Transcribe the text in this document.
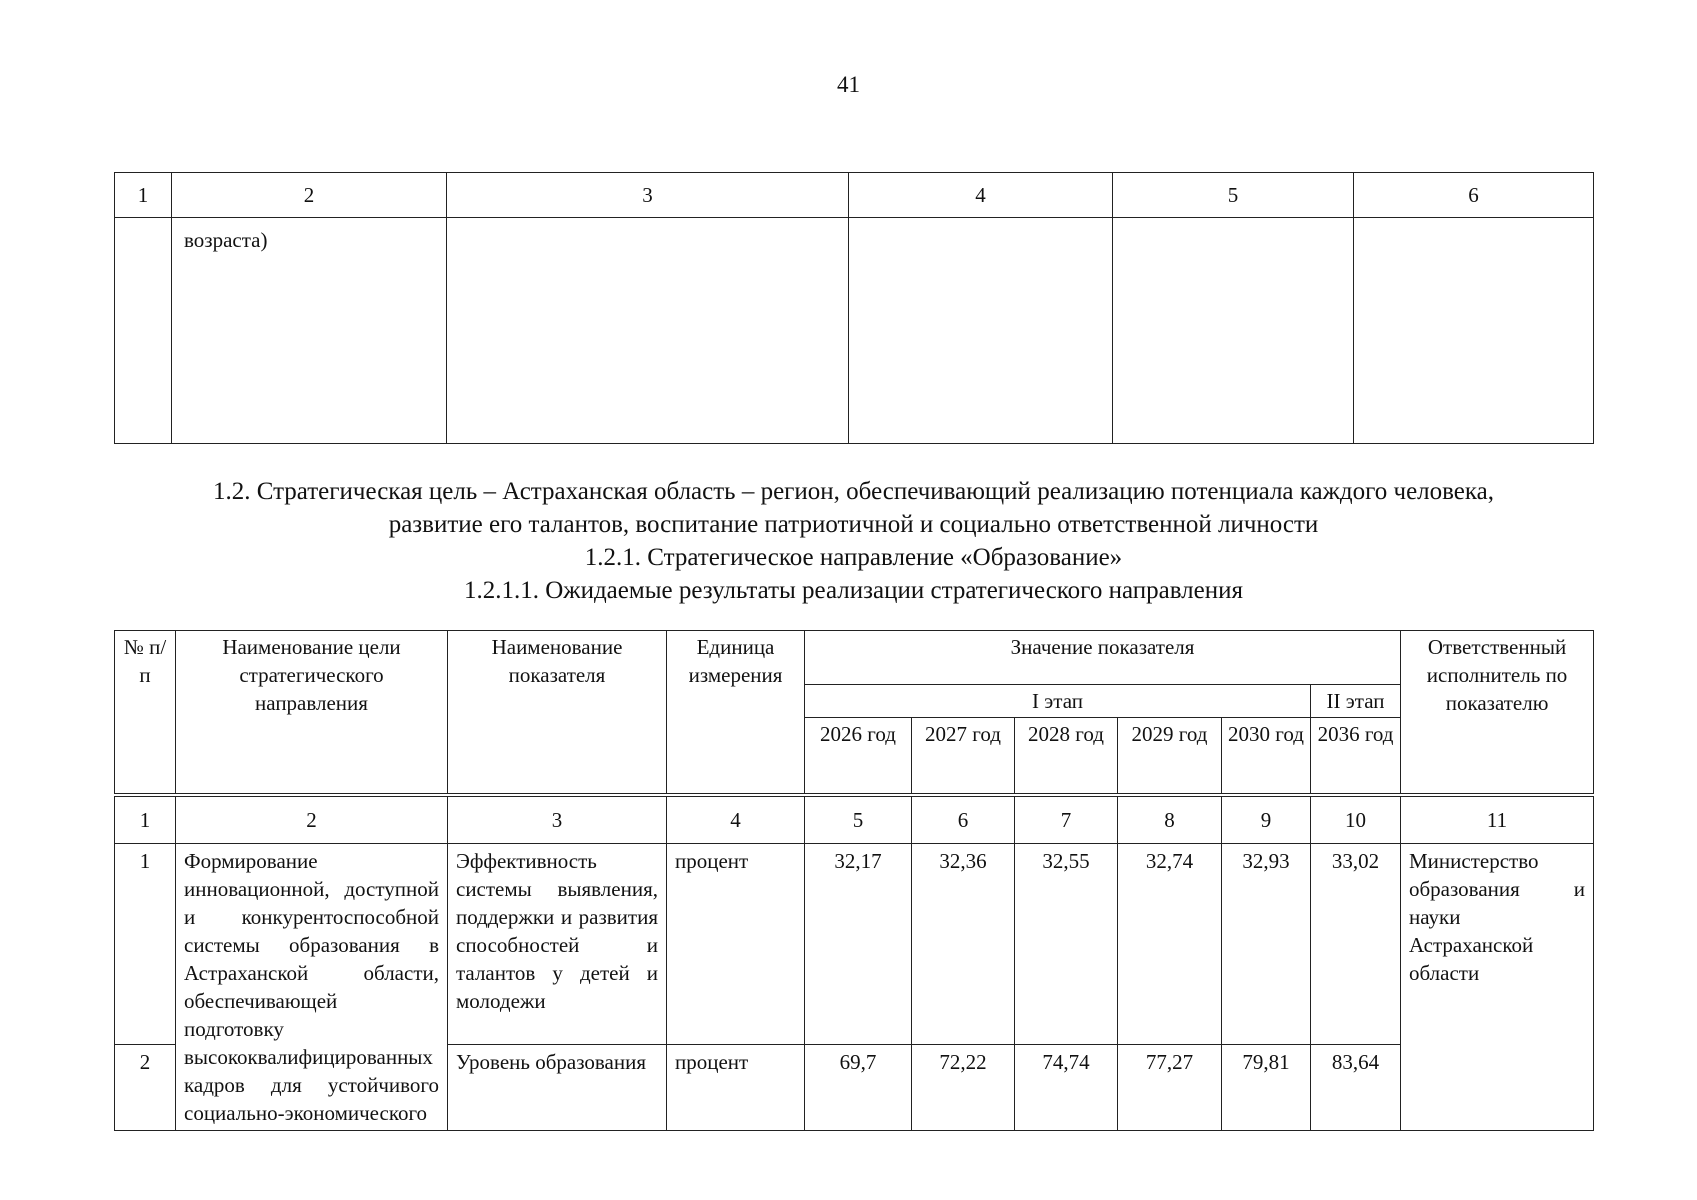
41
1	2	3	4	5	6
	возраста)				
1.2. Стратегическая цель – Астраханская область – регион, обеспечивающий реализацию потенциала каждого человека,
развитие его талантов, воспитание патриотичной и социально ответственной личности
1.2.1. Стратегическое направление «Образование»
1.2.1.1. Ожидаемые результаты реализации стратегического направления
№ п/п	Наименование цели стратегического направления	Наименование показателя	Единица измерения	Значение показателя						Ответственный исполнитель по показателю
				I этап					II этап	
				2026 год	2027 год	2028 год	2029 год	2030 год	2036 год	
1	2	3	4	5	6	7	8	9	10	11
1	Формирование инновационной, доступной и конкурентоспособной системы образования в Астраханской области, обеспечивающей подготовку высококвалифицированных кадров для устойчивого социально-экономического	Эффективность системы выявления, поддержки и развития способностей и талантов у детей и молодежи	процент	32,17	32,36	32,55	32,74	32,93	33,02	Министерство образования и науки Астраханской области
2		Уровень образования	процент	69,7	72,22	74,74	77,27	79,81	83,64	
